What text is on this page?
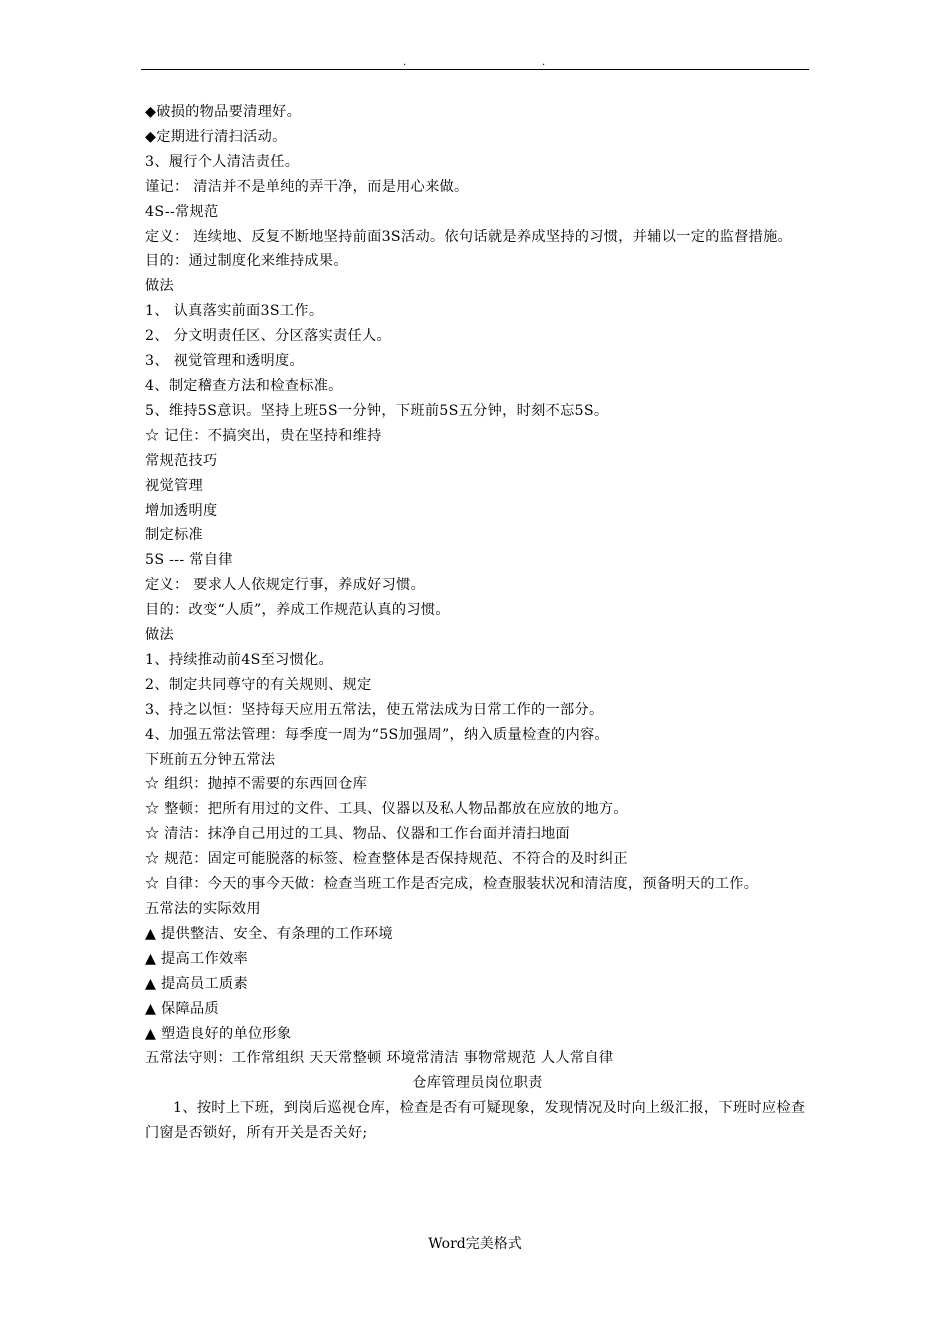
.	.

◆破损的物品要清理好。

◆定期进行清扫活动。

3、履行个人清洁责任。

谨记： 清洁并不是单纯的弄干净，而是用心来做。

4S--常规范

定义： 连续地、反复不断地坚持前面3S活动。依句话就是养成坚持的习惯，并辅以一定的监督措施。

目的：通过制度化来维持成果。

做法

1、 认真落实前面3S工作。

2、 分文明责任区、分区落实责任人。

3、 视觉管理和透明度。

4、制定稽查方法和检查标准。

5、维持5S意识。坚持上班5S一分钟，下班前5S五分钟，时刻不忘5S。

☆ 记住：不搞突出，贵在坚持和维持

常规范技巧

视觉管理

增加透明度

制定标准

5S --- 常自律

定义： 要求人人依规定行事，养成好习惯。

目的：改变“人质”，养成工作规范认真的习惯。

做法

1、持续推动前4S至习惯化。

2、制定共同尊守的有关规则、规定

3、持之以恒：坚持每天应用五常法，使五常法成为日常工作的一部分。

4、加强五常法管理：每季度一周为“5S加强周”，纳入质量检查的内容。

下班前五分钟五常法

☆ 组织：抛掉不需要的东西回仓库

☆ 整顿：把所有用过的文件、工具、仪器以及私人物品都放在应放的地方。

☆ 清洁：抹净自己用过的工具、物品、仪器和工作台面并清扫地面

☆ 规范：固定可能脱落的标签、检查整体是否保持规范、不符合的及时纠正

☆ 自律：今天的事今天做：检查当班工作是否完成，检查服装状况和清洁度，预备明天的工作。

五常法的实际效用

▲ 提供整洁、安全、有条理的工作环境

▲ 提高工作效率

▲ 提高员工质素

▲ 保障品质

▲ 塑造良好的单位形象

五常法守则：工作常组织 天天常整顿 环境常清洁 事物常规范 人人常自律

仓库管理员岗位职责

1、按时上下班，到岗后巡视仓库，检查是否有可疑现象，发现情况及时向上级汇报，下班时应检查门窗是否锁好，所有开关是否关好;

Word完美格式
